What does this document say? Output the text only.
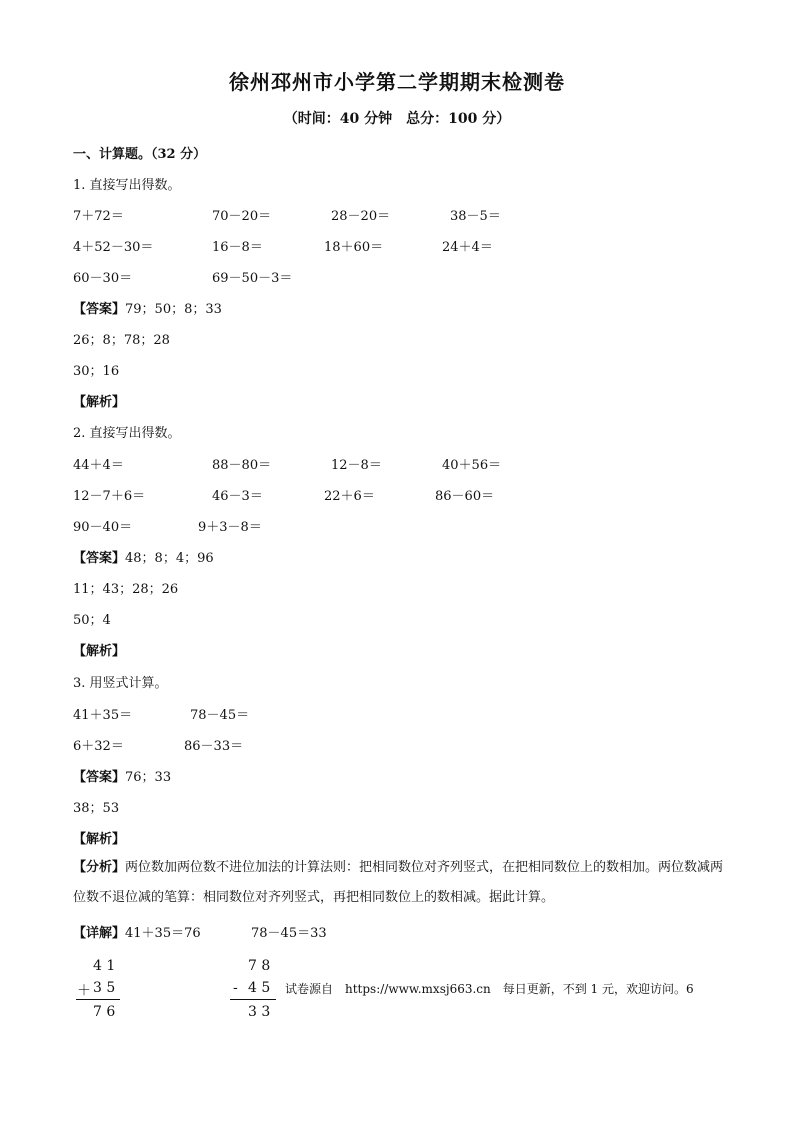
徐州邳州市小学第二学期期末检测卷
（时间：40 分钟　总分：100 分）
一、计算题。（32 分）
1. 直接写出得数。
7＋72＝	70－20＝	28－20＝	38－5＝
4＋52－30＝	16－8＝	18＋60＝	24＋4＝
60－30＝	69－50－3＝
【答案】79；50；8；33
26；8；78；28
30；16
【解析】
2. 直接写出得数。
44＋4＝	88－80＝	12－8＝	40＋56＝
12－7＋6＝	46－3＝	22＋6＝	86－60＝
90－40＝	9＋3－8＝
【答案】48；8；4；96
11；43；28；26
50；4
【解析】
3. 用竖式计算。
41＋35＝	78－45＝
6＋32＝	86－33＝
【答案】76；33
38；53
【解析】
【分析】两位数加两位数不进位加法的计算法则：把相同数位对齐列竖式，在把相同数位上的数相加。两位数减两位数不退位减的笔算：相同数位对齐列竖式，再把相同数位上的数相减。据此计算。
【详解】41＋35＝76	78－45＝33
4 1
＋ 3 5
7 6
7 8
- 4 5
3 3
试卷源自　https://www.mxsj663.cn　每日更新，不到 1 元，欢迎访问。6
